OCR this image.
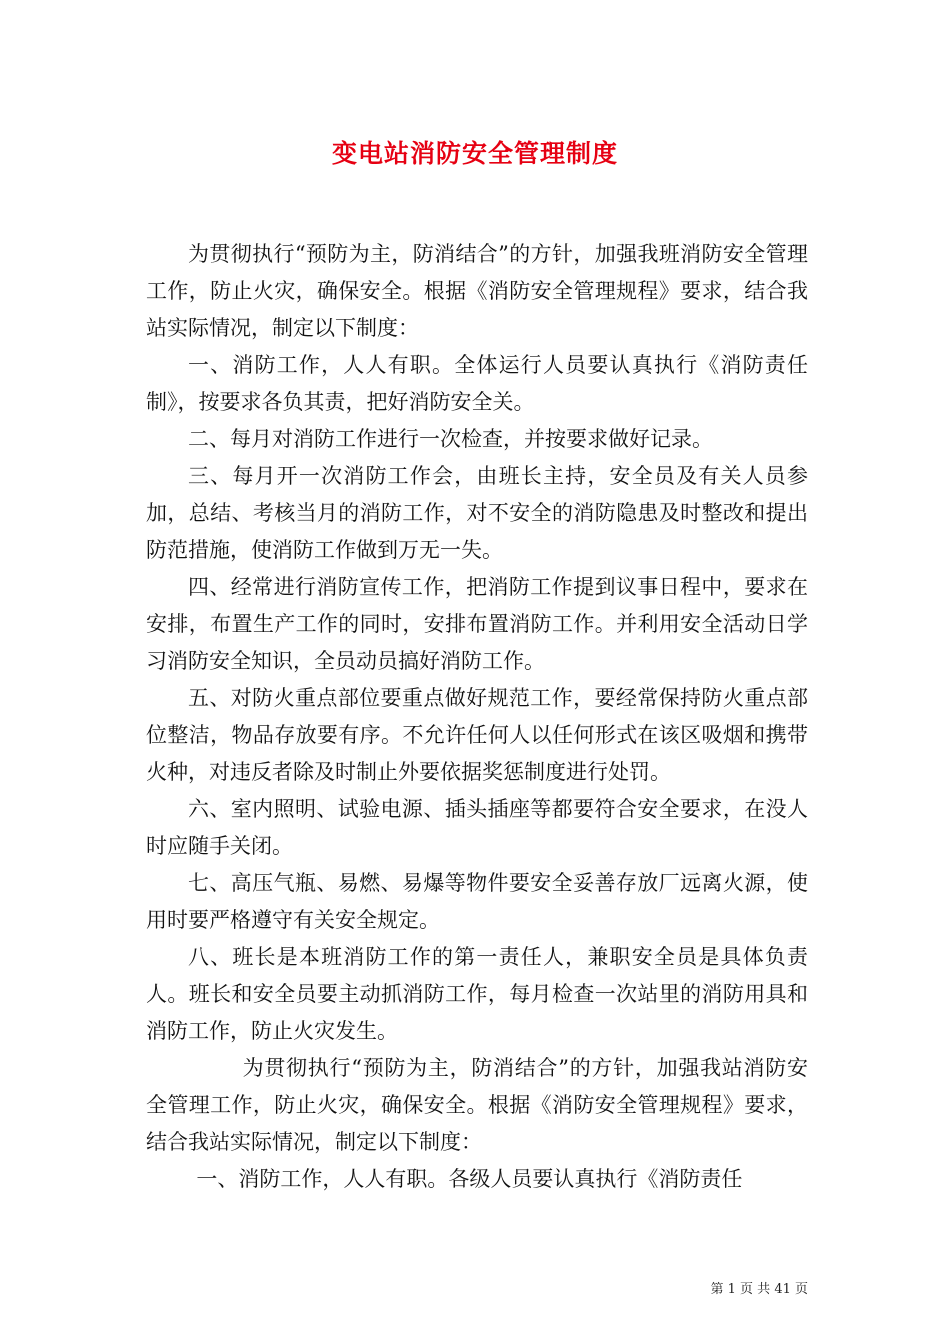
变电站消防安全管理制度

为贯彻执行“预防为主，防消结合”的方针，加强我班消防安全管理工作，防止火灾，确保安全。根据《消防安全管理规程》要求，结合我站实际情况，制定以下制度：

一、消防工作，人人有职。全体运行人员要认真执行《消防责任制》，按要求各负其责，把好消防安全关。

二、每月对消防工作进行一次检查，并按要求做好记录。

三、每月开一次消防工作会，由班长主持，安全员及有关人员参加，总结、考核当月的消防工作，对不安全的消防隐患及时整改和提出防范措施，使消防工作做到万无一失。

四、经常进行消防宣传工作，把消防工作提到议事日程中，要求在安排，布置生产工作的同时，安排布置消防工作。并利用安全活动日学习消防安全知识，全员动员搞好消防工作。

五、对防火重点部位要重点做好规范工作，要经常保持防火重点部位整洁，物品存放要有序。不允许任何人以任何形式在该区吸烟和携带火种，对违反者除及时制止外要依据奖惩制度进行处罚。

六、室内照明、试验电源、插头插座等都要符合安全要求，在没人时应随手关闭。

七、高压气瓶、易燃、易爆等物件要安全妥善存放厂远离火源，使用时要严格遵守有关安全规定。

八、班长是本班消防工作的第一责任人，兼职安全员是具体负责人。班长和安全员要主动抓消防工作，每月检查一次站里的消防用具和消防工作，防止火灾发生。

为贯彻执行“预防为主，防消结合”的方针，加强我站消防安全管理工作，防止火灾，确保安全。根据《消防安全管理规程》要求，结合我站实际情况，制定以下制度：

一、消防工作，人人有职。各级人员要认真执行《消防责任

第 1 页 共 41 页
